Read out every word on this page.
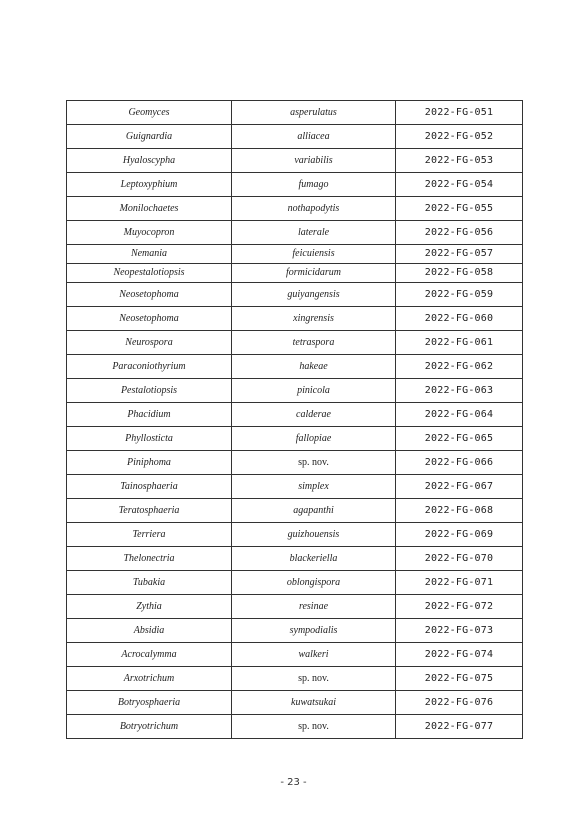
Geomyces	asperulatus	2022-FG-051
Guignardia	alliacea	2022-FG-052
Hyaloscypha	variabilis	2022-FG-053
Leptoxyphium	fumago	2022-FG-054
Monilochaetes	nothapodytis	2022-FG-055
Muyocopron	laterale	2022-FG-056
Nemania	feicuiensis	2022-FG-057
Neopestalotiopsis	formicidarum	2022-FG-058
Neosetophoma	guiyangensis	2022-FG-059
Neosetophoma	xingrensis	2022-FG-060
Neurospora	tetraspora	2022-FG-061
Paraconiothyrium	hakeae	2022-FG-062
Pestalotiopsis	pinicola	2022-FG-063
Phacidium	calderae	2022-FG-064
Phyllosticta	fallopiae	2022-FG-065
Piniphoma	sp. nov.	2022-FG-066
Tainosphaeria	simplex	2022-FG-067
Teratosphaeria	agapanthi	2022-FG-068
Terriera	guizhouensis	2022-FG-069
Thelonectria	blackeriella	2022-FG-070
Tubakia	oblongispora	2022-FG-071
Zythia	resinae	2022-FG-072
Absidia	sympodialis	2022-FG-073
Acrocalymma	walkeri	2022-FG-074
Arxotrichum	sp. nov.	2022-FG-075
Botryosphaeria	kuwatsukai	2022-FG-076
Botryotrichum	sp. nov.	2022-FG-077
- 23 -
